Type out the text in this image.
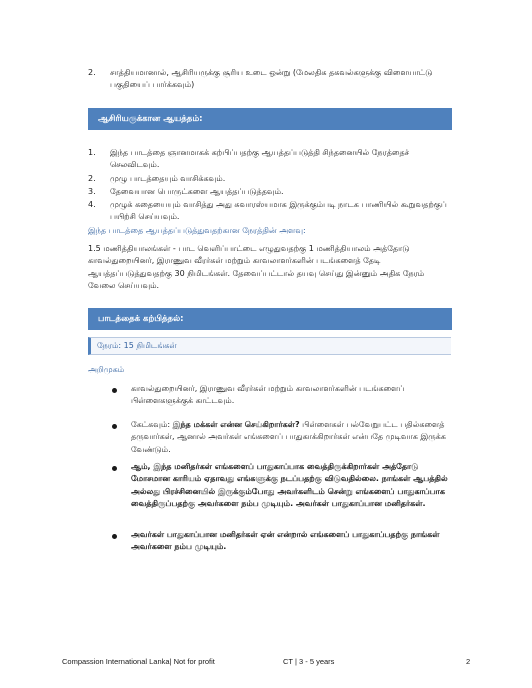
2.	சாத்தியமானால், ஆசிரியருக்கு சூரிய உடை ஒன்று (மேலதிக தகவல்களுக்கு விளையாட்டு பகுதியைப் பார்க்கவும்)
ஆசிரியருக்கான ஆயத்தம்:
1.	இந்த பாடத்தை ஞானமாகக் கற்பிப்பதற்கு ஆயத்தப்படுத்தி சிந்தனையில் நேரத்தைச் செலவிடவும்.
2.	முழு பாடத்தையும் வாசிக்கவும்.
3.	தேவையான பொருட்களை ஆயத்தப்படுத்தவும்.
4.	முழுக் கதையையும் வாசித்து அது சுவாரஸ்யமாக இருக்கும்படி நாடக பாணியில் கூறுவதற்குப் பயிற்சி செய்யவும்.
இந்த பாடத்தை ஆயத்தப்படுத்துவதற்கான நேரத்தின் அளவு:
1.5 மணித்தியாலங்கள் - பாட வெளிப்பாட்டை எழுதுவதற்கு 1 மணித்தியாலம் அத்தோடு காவல்துறையினர், இராணுவ வீரர்கள் மற்றும் காவலாளர்களின் படங்களைத் தேடி ஆயத்தப்படுத்துவதற்கு 30 நிமிடங்கள். தேவைப்பட்டால் தயவு செய்து இன்னும் அதிக நேரம் வேலை செய்யவும்.
பாடத்தைக் கற்பித்தல்:
நேரம்: 15 நிமிடங்கள்
அறிமுகம்
காவல்துறையினர், இராணுவ வீரர்கள் மற்றும் காவலாளர்களின் படங்களைப் பிள்ளைகளுக்குக் காட்டவும்.
கேட்கவும்: இந்த மக்கள் என்ன செய்கிறார்கள்? பிள்ளைகள் பல்வேறுபட்ட பதில்களைத் தருவார்கள், ஆனால் அவர்கள் எங்களைப் பாதுகாக்கிறார்கள் என்பதே முடிவாக இருக்க வேண்டும்.
ஆம், இந்த மனிதர்கள் எங்களைப் பாதுகாப்பாக வைத்திருக்கிறார்கள் அத்தோடு மோசமான காரியம் ஏதாவது எங்களுக்கு நடப்பதற்கு விடுவதில்லை. நாங்கள் ஆபத்தில் அல்லது பிரச்சினையில் இருக்கும்போது அவர்களிடம் சென்று எங்களைப் பாதுகாப்பாக வைத்திருப்பதற்கு அவர்களை நம்ப முடியும். அவர்கள் பாதுகாப்பான மனிதர்கள்.
அவர்கள் பாதுகாப்பான மனிதர்கள் ஏன் என்றால் எங்களைப் பாதுகாப்பதற்கு நாங்கள் அவர்களை நம்ப முடியும்.
Compassion International Lanka| Not for profit	CT | 3 - 5 years	2
